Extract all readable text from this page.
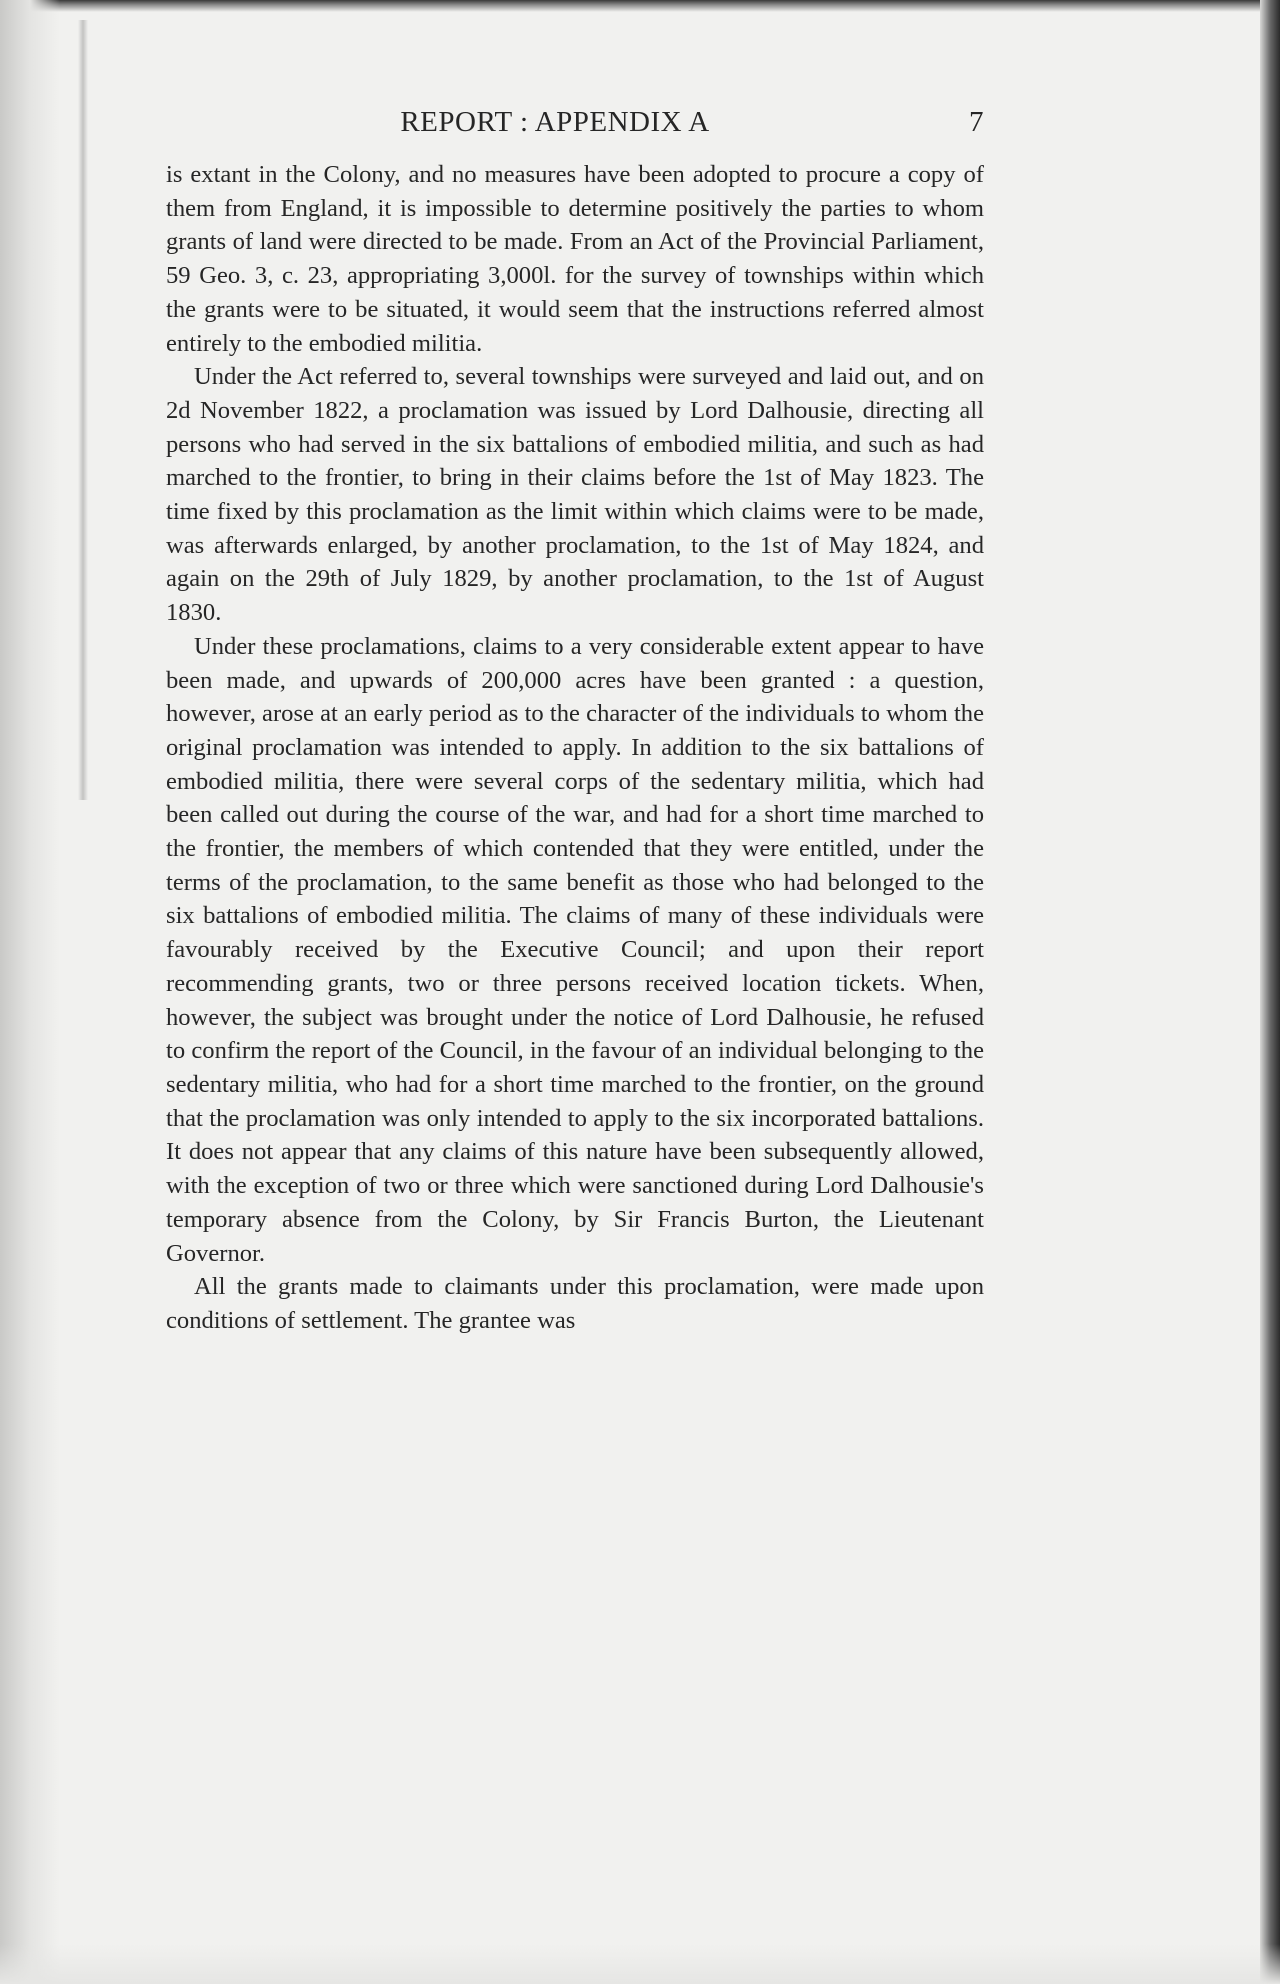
REPORT : APPENDIX A	7

is extant in the Colony, and no measures have been adopted to procure a copy of them from England, it is impossible to determine positively the parties to whom grants of land were directed to be made. From an Act of the Provincial Parliament, 59 Geo. 3, c. 23, appropriating 3,000l. for the survey of townships within which the grants were to be situated, it would seem that the instructions referred almost entirely to the embodied militia.

Under the Act referred to, several townships were surveyed and laid out, and on 2d November 1822, a proclamation was issued by Lord Dalhousie, directing all persons who had served in the six battalions of embodied militia, and such as had marched to the frontier, to bring in their claims before the 1st of May 1823. The time fixed by this proclamation as the limit within which claims were to be made, was afterwards enlarged, by another proclamation, to the 1st of May 1824, and again on the 29th of July 1829, by another proclamation, to the 1st of August 1830.

Under these proclamations, claims to a very considerable extent appear to have been made, and upwards of 200,000 acres have been granted : a question, however, arose at an early period as to the character of the individuals to whom the original proclamation was intended to apply. In addition to the six battalions of embodied militia, there were several corps of the sedentary militia, which had been called out during the course of the war, and had for a short time marched to the frontier, the members of which contended that they were entitled, under the terms of the proclamation, to the same benefit as those who had belonged to the six battalions of embodied militia. The claims of many of these individuals were favourably received by the Executive Council; and upon their report recommending grants, two or three persons received location tickets. When, however, the subject was brought under the notice of Lord Dalhousie, he refused to confirm the report of the Council, in the favour of an individual belonging to the sedentary militia, who had for a short time marched to the frontier, on the ground that the proclamation was only intended to apply to the six incorporated battalions. It does not appear that any claims of this nature have been subsequently allowed, with the exception of two or three which were sanctioned during Lord Dalhousie's temporary absence from the Colony, by Sir Francis Burton, the Lieutenant Governor.

All the grants made to claimants under this proclamation, were made upon conditions of settlement. The grantee was
